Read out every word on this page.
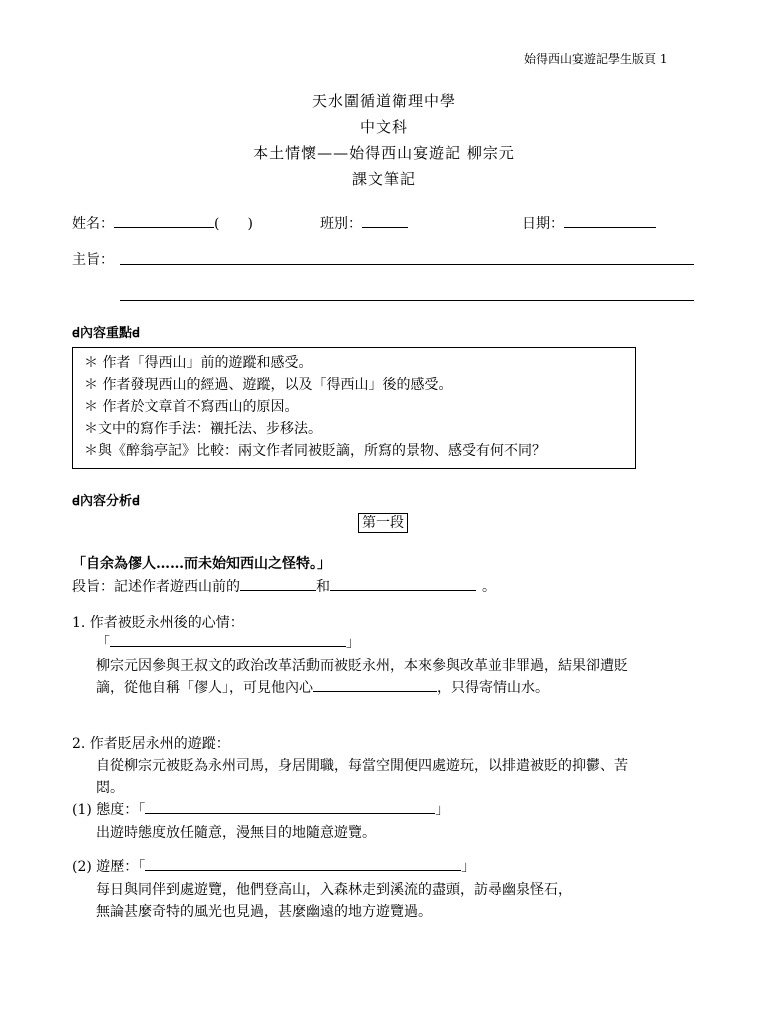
始得西山宴遊記學生版頁 1
天水圍循道衛理中學
中文科
本土情懷——始得西山宴遊記 柳宗元
課文筆記
姓名：	( )	班別：	日期：
主旨：
ꟈ內容重點ꟈ
＊ 作者「得西山」前的遊蹤和感受。
＊ 作者發現西山的經過、遊蹤，以及「得西山」後的感受。
＊ 作者於文章首不寫西山的原因。
＊文中的寫作手法：襯托法、步移法。
＊與《醉翁亭記》比較：兩文作者同被貶謫，所寫的景物、感受有何不同？
ꟈ內容分析ꟈ
第一段
「自余為僇人……而未始知西山之怪特。」
段旨：記述作者遊西山前的	和	。
1. 作者被貶永州後的心情：
「	」
柳宗元因參與王叔文的政治改革活動而被貶永州，本來參與改革並非罪過，結果卻遭貶
謫，從他自稱「僇人」，可見他內心	，只得寄情山水。
2. 作者貶居永州的遊蹤：
自從柳宗元被貶為永州司馬，身居閒職，每當空閒便四處遊玩，以排遣被貶的抑鬱、苦
悶。
(1) 態度：「	」
出遊時態度放任隨意，漫無目的地隨意遊覽。
(2) 遊歷：「	」
每日與同伴到處遊覽，他們登高山，入森林走到溪流的盡頭，訪尋幽泉怪石，
無論甚麼奇特的風光也見過，甚麼幽遠的地方遊覽過。
